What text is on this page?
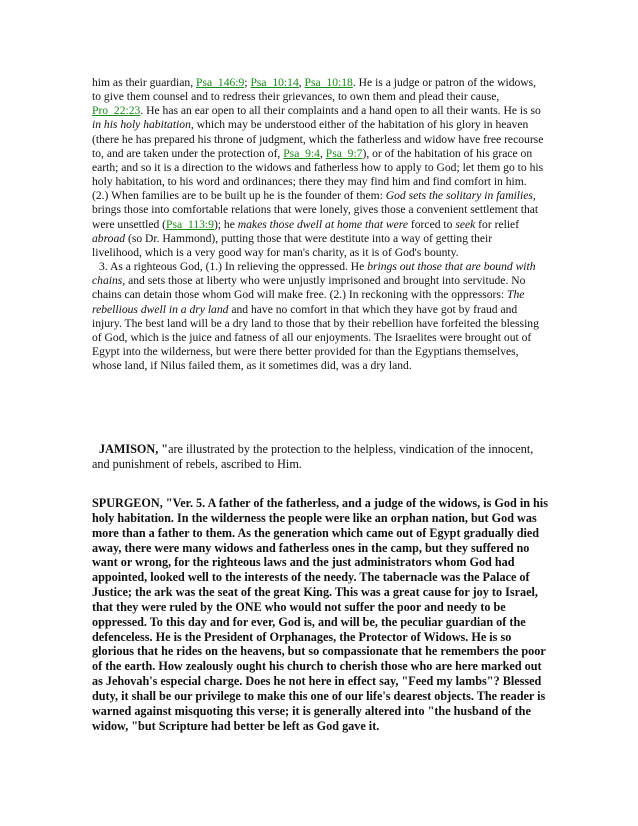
him as their guardian, Psa_146:9; Psa_10:14, Psa_10:18. He is a judge or patron of the widows, to give them counsel and to redress their grievances, to own them and plead their cause, Pro_22:23. He has an ear open to all their complaints and a hand open to all their wants. He is so in his holy habitation, which may be understood either of the habitation of his glory in heaven (there he has prepared his throne of judgment, which the fatherless and widow have free recourse to, and are taken under the protection of, Psa_9:4, Psa_9:7), or of the habitation of his grace on earth; and so it is a direction to the widows and fatherless how to apply to God; let them go to his holy habitation, to his word and ordinances; there they may find him and find comfort in him. (2.) When families are to be built up he is the founder of them: God sets the solitary in families, brings those into comfortable relations that were lonely, gives those a convenient settlement that were unsettled (Psa_113:9); he makes those dwell at home that were forced to seek for relief abroad (so Dr. Hammond), putting those that were destitute into a way of getting their livelihood, which is a very good way for man's charity, as it is of God's bounty.

3. As a righteous God, (1.) In relieving the oppressed. He brings out those that are bound with chains, and sets those at liberty who were unjustly imprisoned and brought into servitude. No chains can detain those whom God will make free. (2.) In reckoning with the oppressors: The rebellious dwell in a dry land and have no comfort in that which they have got by fraud and injury. The best land will be a dry land to those that by their rebellion have forfeited the blessing of God, which is the juice and fatness of all our enjoyments. The Israelites were brought out of Egypt into the wilderness, but were there better provided for than the Egyptians themselves, whose land, if Nilus failed them, as it sometimes did, was a dry land.

JAMISON, "are illustrated by the protection to the helpless, vindication of the innocent, and punishment of rebels, ascribed to Him.

SPURGEON, "Ver. 5. A father of the fatherless, and a judge of the widows, is God in his holy habitation. In the wilderness the people were like an orphan nation, but God was more than a father to them. As the generation which came out of Egypt gradually died away, there were many widows and fatherless ones in the camp, but they suffered no want or wrong, for the righteous laws and the just administrators whom God had appointed, looked well to the interests of the needy. The tabernacle was the Palace of Justice; the ark was the seat of the great King. This was a great cause for joy to Israel, that they were ruled by the ONE who would not suffer the poor and needy to be oppressed. To this day and for ever, God is, and will be, the peculiar guardian of the defenceless. He is the President of Orphanages, the Protector of Widows. He is so glorious that he rides on the heavens, but so compassionate that he remembers the poor of the earth. How zealously ought his church to cherish those who are here marked out as Jehovah's especial charge. Does he not here in effect say, "Feed my lambs"? Blessed duty, it shall be our privilege to make this one of our life's dearest objects. The reader is warned against misquoting this verse; it is generally altered into "the husband of the widow, "but Scripture had better be left as God gave it.
